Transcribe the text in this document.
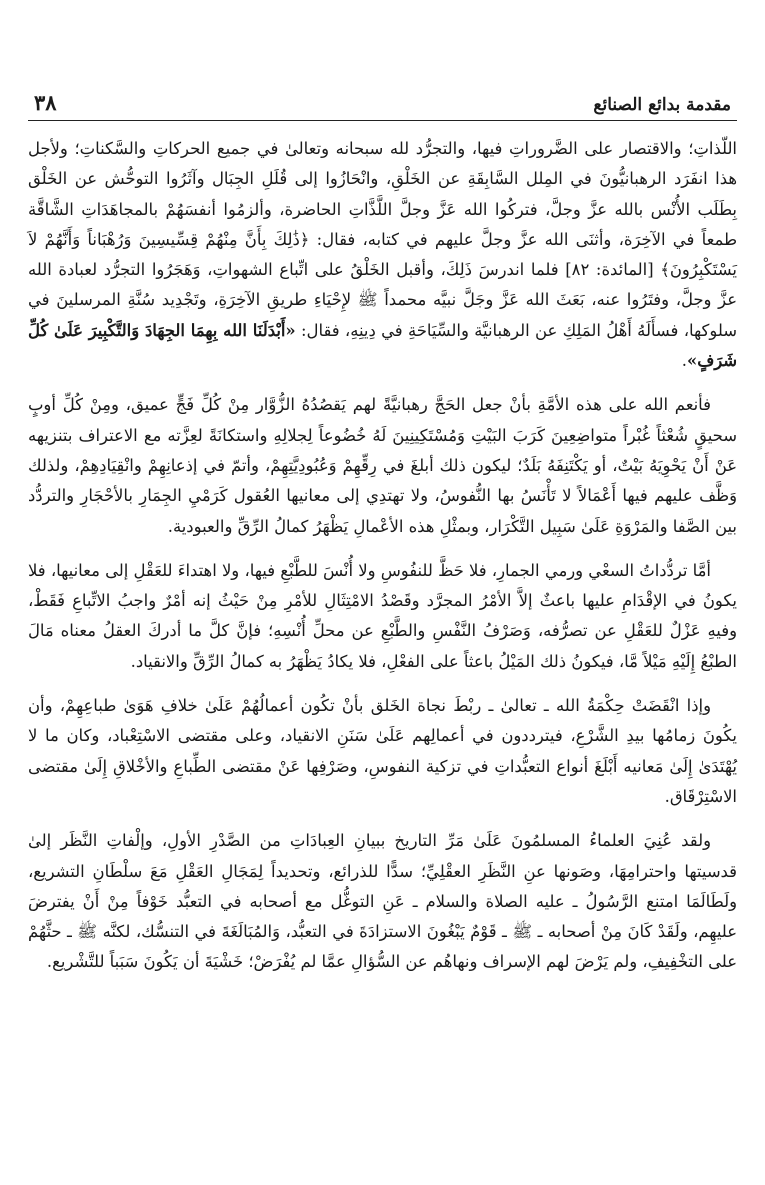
٣٨	مقدمة بدائع الصنائع

اللّذاتِ؛ والاقتصار على الضَّروراتِ فيها، والتجرُّد لله سبحانه وتعالىٰ في جميع الحركاتِ والسَّكناتِ؛ ولأجل هذا انفَرَد الرهبانيُّونَ في المِلل السَّابِقَةِ عن الخَلْقِ، وانْحَازُوا إلى قُلَلِ الجِبَال وآثَرُوا التوحُّش عن الخَلْق بِطَلَب الأُنْس بالله عزَّ وجلَّ، فتركُوا الله عَزَّ وجلَّ اللَّذَّاتِ الحاضرة، وألزمُوا أنفسَهُمْ بالمجاهَدَاتِ الشَّاقَّة طمعاً في الآخِرَة، وأثنَى الله عزَّ وجلَّ عليهم في كتابه، فقال: ﴿ذَٰلِكَ بِأَنَّ مِنْهُمْ قِسِّيسِينَ وَرُهْبَاناً وَأَنَّهُمْ لاَ يَسْتَكْبِرُونَ﴾ [المائدة: ٨٢] فلما اندرسَ ذَلِكَ، وأقبل الخَلْقُ على اتِّباع الشهواتِ، وَهَجَرُوا التجرُّد لعبادة الله عزَّ وجلَّ، وفتَرُوا عنه، بَعَثَ الله عَزَّ وجَلَّ نبيَّه محمداً ﷺ لإِحْيَاءِ طريقِ الآخِرَةِ، وتَجْدِيد سُنَّةِ المرسلينَ في سلوكها، فسأَلَهُ أَهْلُ المَلِكِ عن الرهبانيَّة والسِّيَاحَةِ في دِينِهِ، فقال: «أَبْدَلَنَا الله بِهِمَا الجِهَادَ وَالتَّكْبِيرَ عَلَىٰ كُلِّ شَرَفٍ».

فأنعم الله على هذه الأمَّةِ بأنْ جعل الحَجَّ رهبانيَّةً لهم يَقصُدُهُ الزُّوَّار مِنْ كُلِّ فَجٍّ عميق، ومِنْ كُلِّ أوبٍ سحيقٍ شُعْثاً غُبْراً متواضِعِينَ كَرَبَ البَيْتِ وَمُسْتَكِينِينَ لَهُ خُضُوعاً لِجلالِهِ واستكانَةً لعِزَّته مع الاعتراف بتنزيهه عَنْ أَنْ يَحْوِيَهُ بَيْتٌ، أو يَكْتَنِفَهُ بَلَدٌ؛ ليكون ذلك أبلغَ في رِقِّهِمْ وَعُبُودِيَّتِهِمْ، وأتمّ في إذعانِهِمْ وانْقِيَادِهِمْ، ولذلك وَظَّف عليهم فيها أَعْمَالاً لا تَأْنَسُ بها النُّفوسُ، ولا تهتدِي إلى معانيها العُقول كَرَمْيِ الجِمَارِ بالأحْجَارِ والتردُّد بين الصَّفا والمَرْوَةِ عَلَىٰ سَبِيل التَّكْرَار، وبمثْلِ هذه الأعْمالِ يَظْهَرُ كمالُ الرِّقِّ والعبودية.

أمَّا تردُّداتُ السعْي ورمي الجمارِ، فلا حَظَّ للنفُوسِ ولا أُنْسَ للطَّبْعِ فيها، ولا اهتداءَ للعَقْلِ إلى معانيها، فلا يكونُ في الإقْدَامِ عليها باعثٌ إلاَّ الأمْرُ المجرَّد وقَصْدُ الامْتِثَالِ للأمْرِ مِنْ حَيْثُ إنه أمْرٌ واجبُ الاتِّباعِ فَقَطْ، وفيهِ عَزْلٌ للعَقْلِ عن تصرُّفه، وَصَرْفُ النَّفْسِ والطَّبْعِ عن محلِّ أُنْسِهِ؛ فإنَّ كلَّ ما أدركَ العقلُ معناه مَالَ الطبْعُ إِلَيْهِ مَيْلاً مَّا، فيكونُ ذلك المَيْلُ باعثاً على الفعْلِ، فلا يكادُ يَظْهَرُ به كمالُ الرِّقِّ والانقياد.

وإذا انْقَضَتْ حِكْمَةُ الله ـ تعالىٰ ـ ربْطَ نجاة الخَلق بأنْ تكُون أعمالُهُمْ عَلَىٰ خلافِ هَوَىٰ طباعِهِمْ، وأن يكُونَ زمامُها بيدِ الشَّرْعِ، فيترددون في أعمالِهم عَلَىٰ سَنَنِ الانقياد، وعلى مقتضى الاسْتِعْباد، وكان ما لا يُهْتَدَىٰ إِلَىٰ مَعانيه أَبْلَغَ أنواع التعبُّداتِ في تزكية النفوسِ، وصَرْفِها عَنْ مقتضى الطِّباعِ والأخْلاقِ إِلَىٰ مقتضى الاسْتِرْقَاق.

ولقد عُنِيَ العلماءُ المسلمُونَ عَلَىٰ مَرِّ التاريخ ببيانِ العِبادَاتِ من الصَّدْرِ الأولِ، وإلْفاتِ النَّظَر إلىٰ قدسيتها واحترامِهَا، وصَونها عنِ النَّظَرِ العقْلِيِّ؛ سدًّا للذرائع، وتحديداً لِمَجَالِ العَقْلِ مَعَ سلْطَانِ التشريع، ولَطَالَمَا امتنع الرَّسُولُ ـ عليه الصلاة والسلام ـ عَنِ التوغُّل مع أصحابه في التعبُّد خَوْفاً مِنْ أَنْ يفترضَ عليهِم، ولَقَدْ كَانَ مِنْ أصحابه ـ ﷺ ـ قَوْمٌ يَبْغُونَ الاستزادَةَ في التعبُّد، وَالمُبَالَغَةَ في التنسُّك، لكنَّه ﷺ ـ حثَّهُمْ على التخْفِيفِ، ولم يَرْضَ لهم الإسراف ونهاهُم عن السُّؤالِ عمَّا لم يُفْرَضْ؛ خَشْيَةَ أن يَكُونَ سَبَباً للتَّشْريع.
